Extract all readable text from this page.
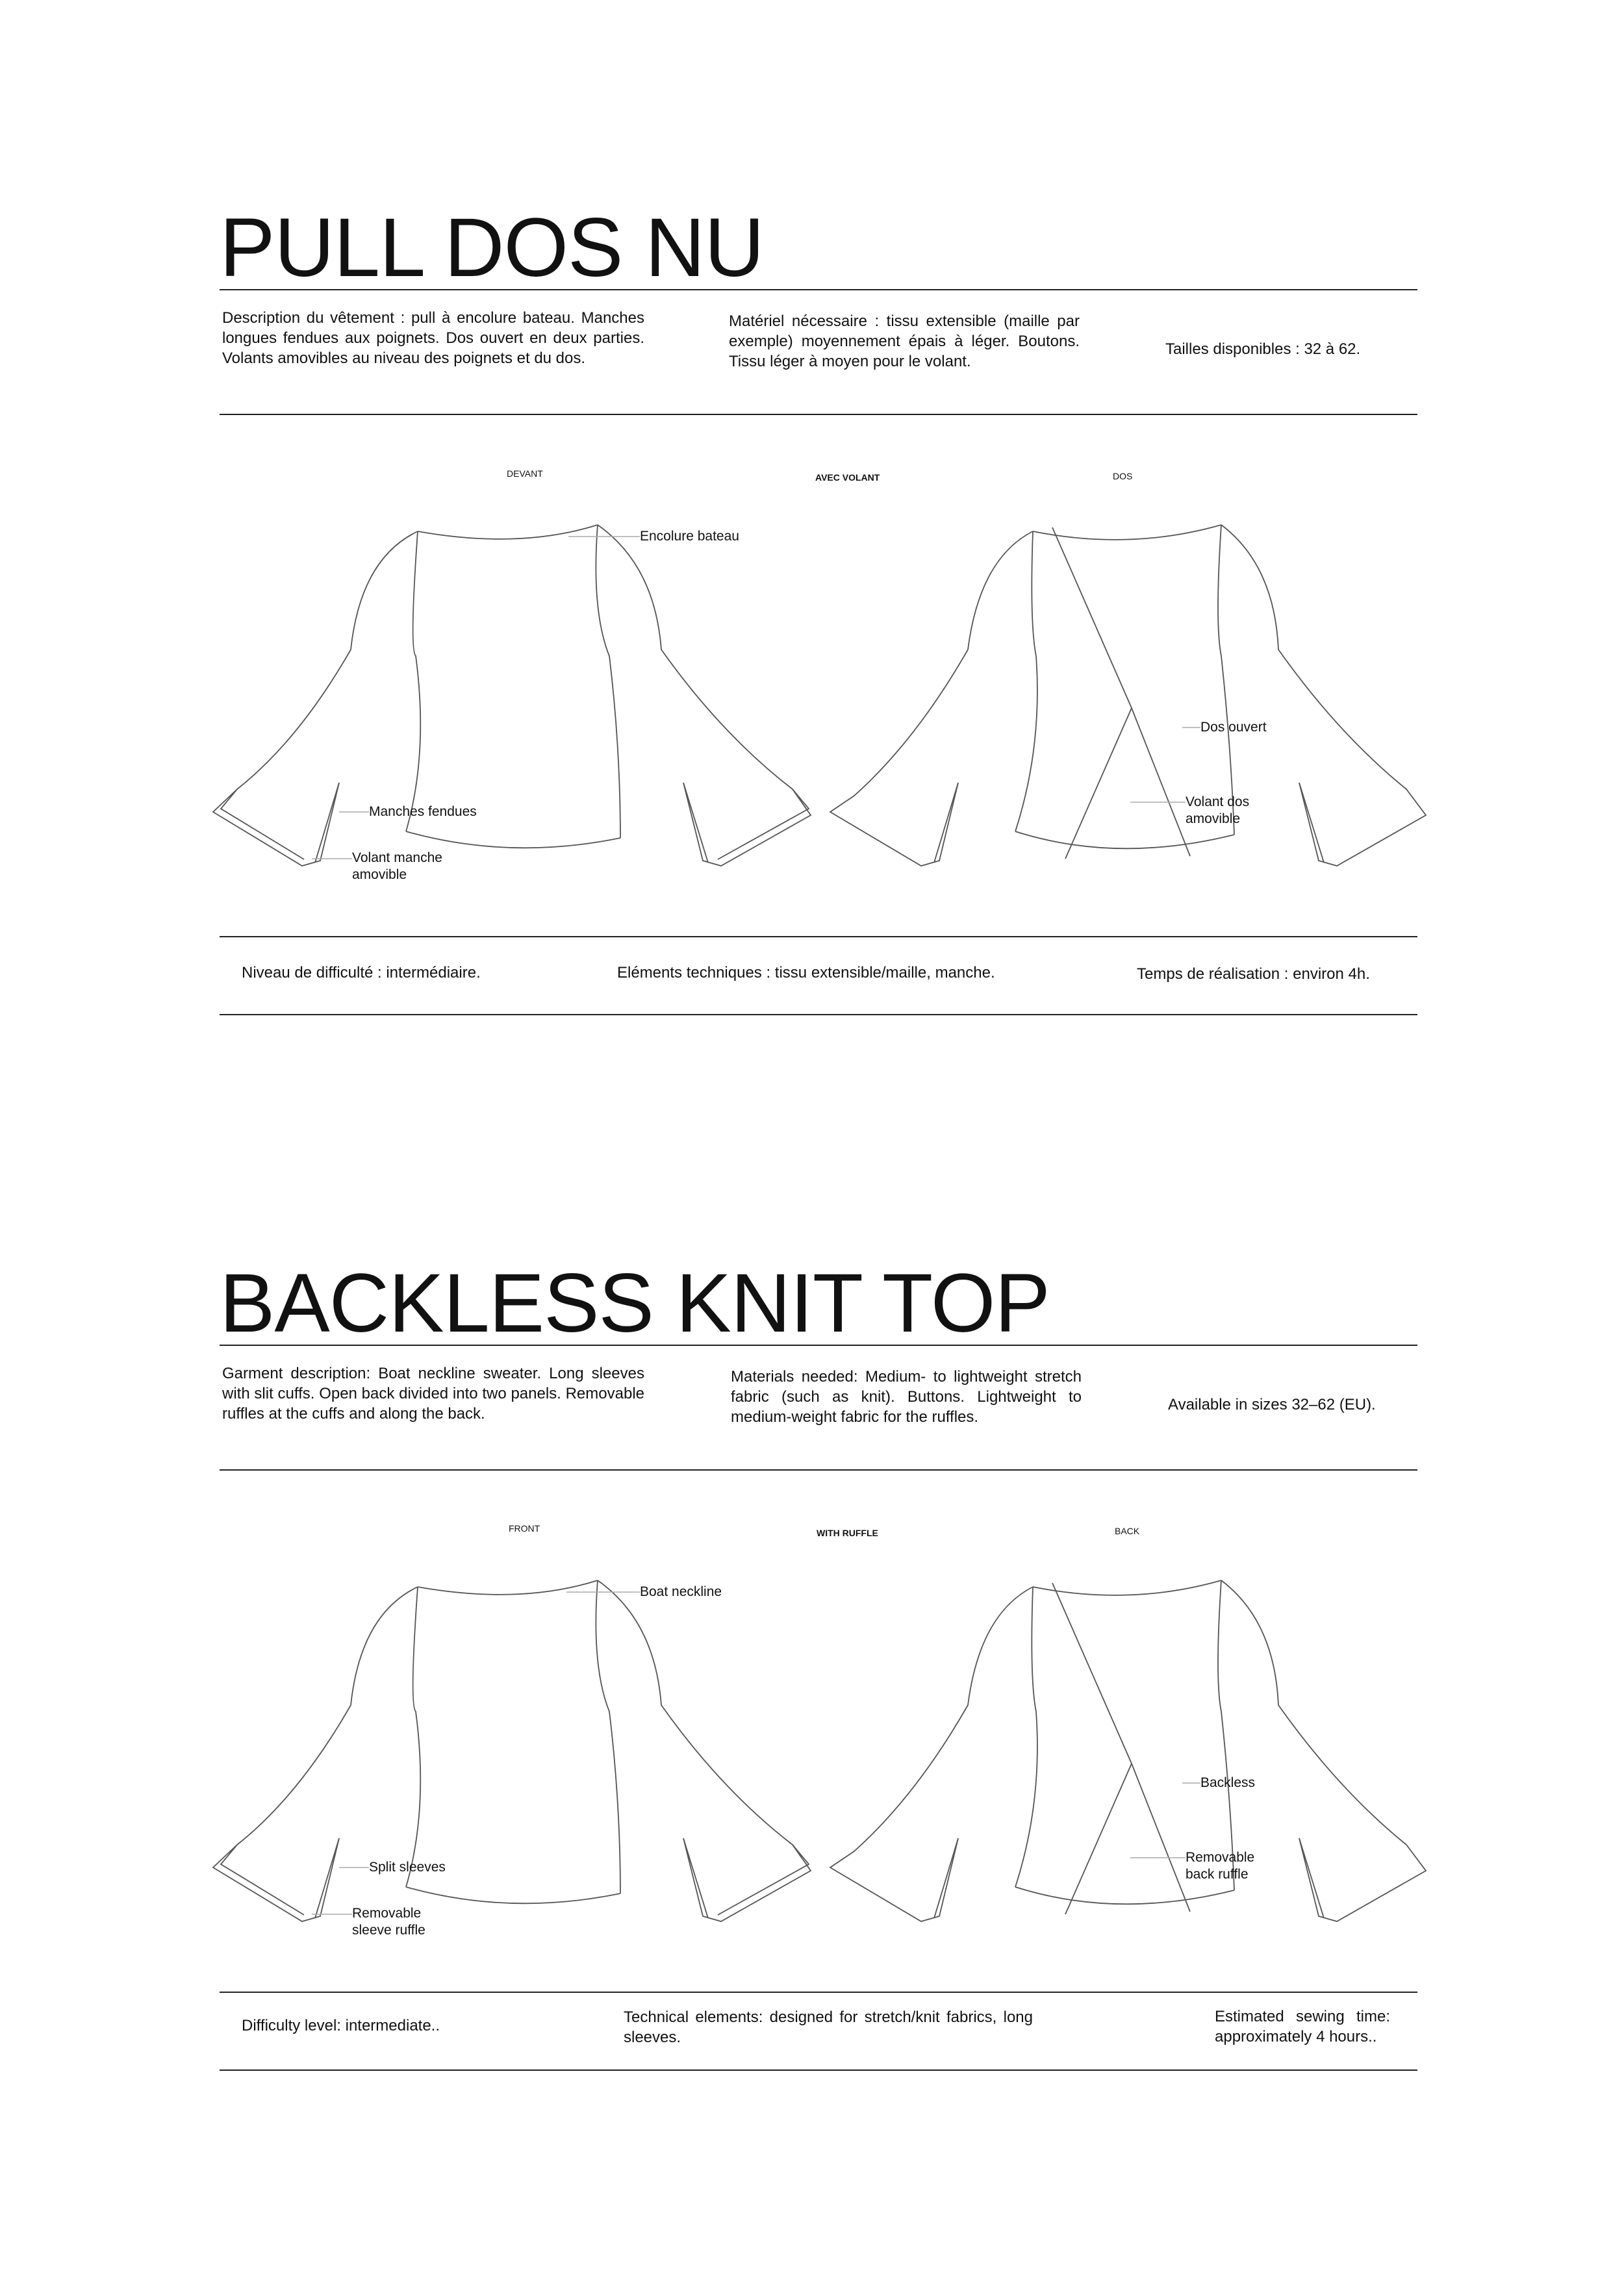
PULL DOS NU
Description du vêtement : pull à encolure bateau. Manches longues fendues aux poignets. Dos ouvert en deux parties. Volants amovibles au niveau des poignets et du dos.
Matériel nécessaire : tissu extensible (maille par exemple) moyennement épais à léger. Boutons. Tissu léger à moyen pour le volant.
Tailles disponibles : 32 à 62.
DEVANT	AVEC VOLANT	DOS
Encolure bateau
Manches fendues
Volant manche amovible
Dos ouvert
Volant dos amovible
Niveau de difficulté : intermédiaire.	Eléments techniques : tissu extensible/maille, manche.	Temps de réalisation : environ 4h.
BACKLESS KNIT TOP
Garment description: Boat neckline sweater. Long sleeves with slit cuffs. Open back divided into two panels. Removable ruffles at the cuffs and along the back.
Materials needed: Medium- to lightweight stretch fabric (such as knit). Buttons. Lightweight to medium-weight fabric for the ruffles.
Available in sizes 32–62 (EU).
FRONT	WITH RUFFLE	BACK
Boat neckline
Split sleeves
Removable sleeve ruffle
Backless
Removable back ruffle
Difficulty level: intermediate..	Technical elements: designed for stretch/knit fabrics, long sleeves.
Estimated sewing time: approximately 4 hours..
